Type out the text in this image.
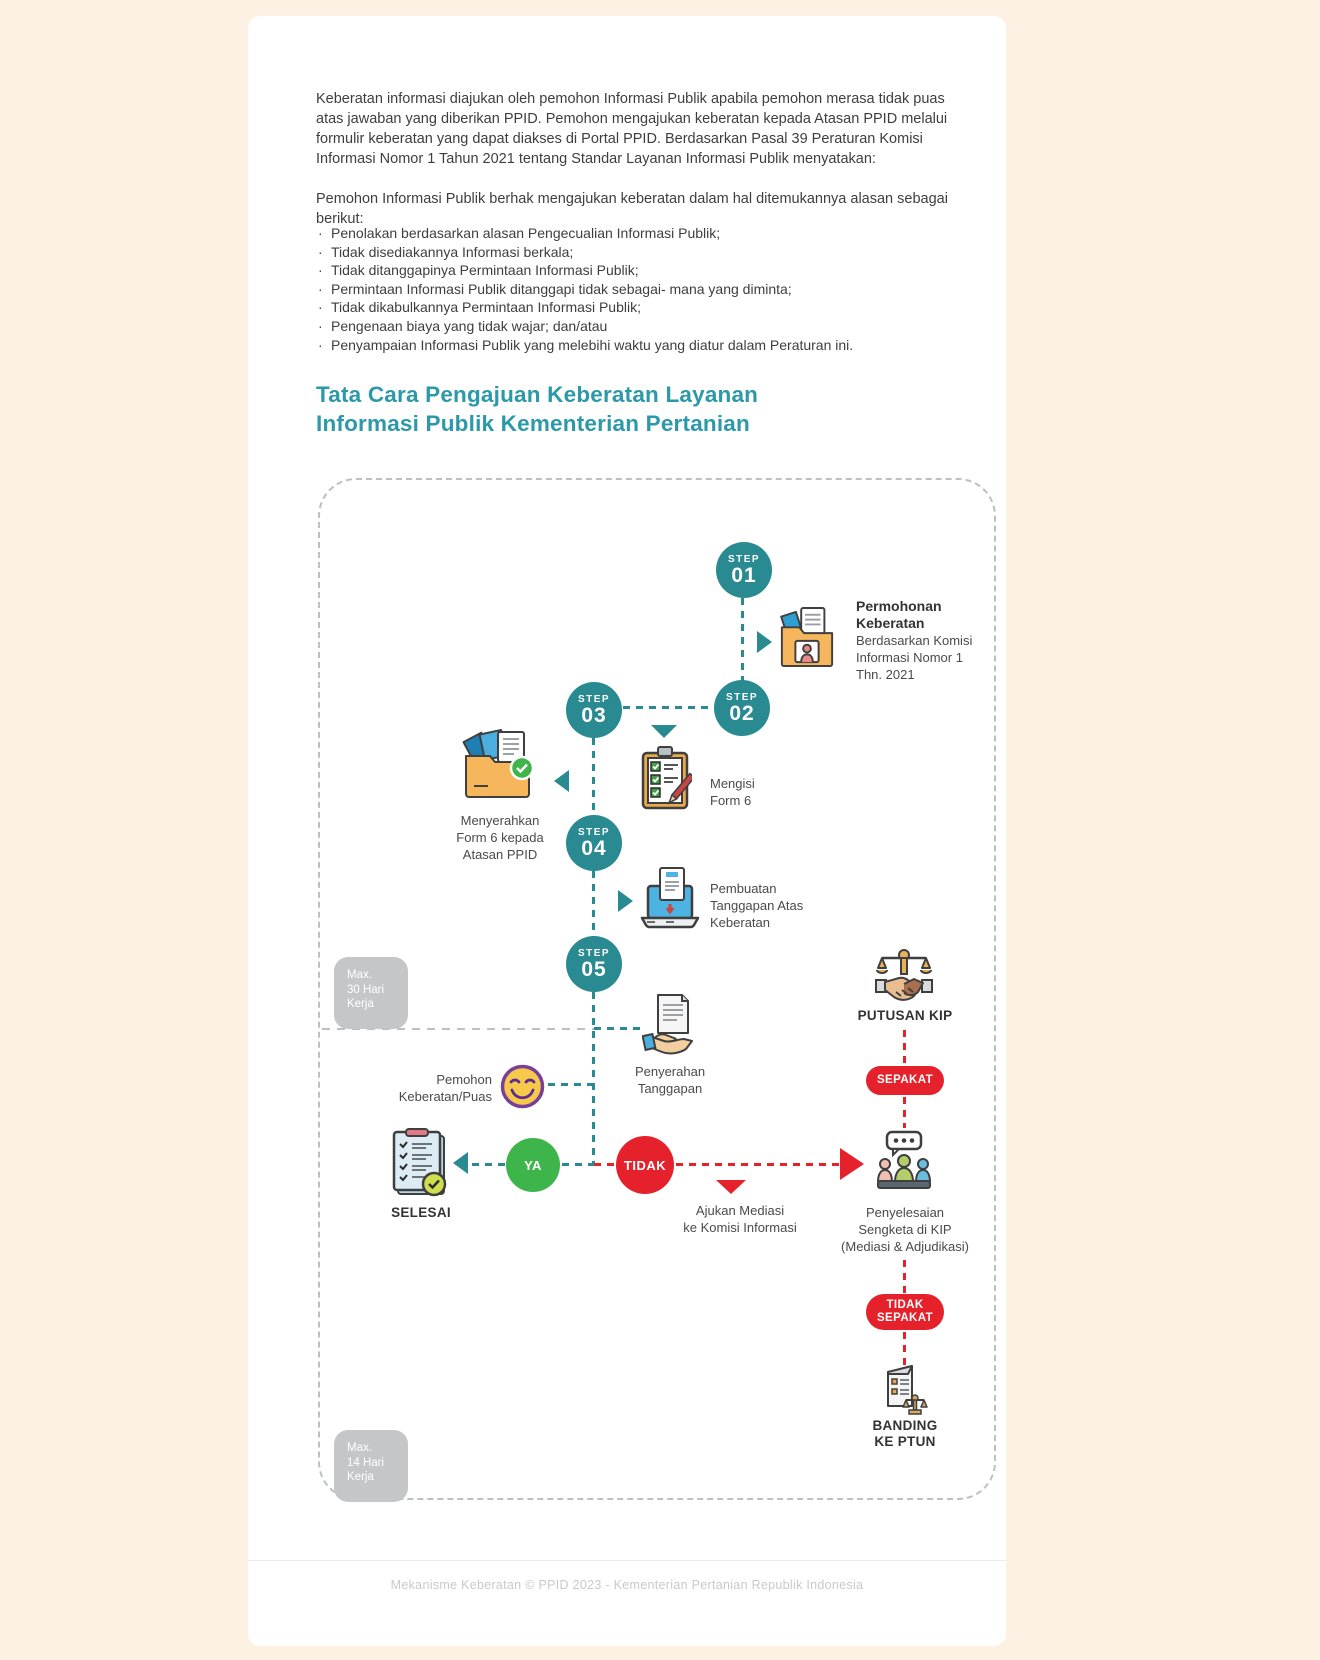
Keberatan informasi diajukan oleh pemohon Informasi Publik apabila pemohon merasa tidak puas atas jawaban yang diberikan PPID. Pemohon mengajukan keberatan kepada Atasan PPID melalui formulir keberatan yang dapat diakses di Portal PPID. Berdasarkan Pasal 39 Peraturan Komisi Informasi Nomor 1 Tahun 2021 tentang Standar Layanan Informasi Publik menyatakan:

Pemohon Informasi Publik berhak mengajukan keberatan dalam hal ditemukannya alasan sebagai berikut:

· Penolakan berdasarkan alasan Pengecualian Informasi Publik;
· Tidak disediakannya Informasi berkala;
· Tidak ditanggapinya Permintaan Informasi Publik;
· Permintaan Informasi Publik ditanggapi tidak sebagai- mana yang diminta;
· Tidak dikabulkannya Permintaan Informasi Publik;
· Pengenaan biaya yang tidak wajar; dan/atau
· Penyampaian Informasi Publik yang melebihi waktu yang diatur dalam Peraturan ini.
Tata Cara Pengajuan Keberatan Layanan
Informasi Publik Kementerian Pertanian
STEP
01
STEP
02
STEP
03
STEP
04
STEP
05
Permohonan
Keberatan
Berdasarkan Komisi
Informasi Nomor 1
Thn. 2021
Mengisi
Form 6
Menyerahkan
Form 6 kepada
Atasan PPID
Pembuatan
Tanggapan Atas
Keberatan
Penyerahan
Tanggapan
Max.
30 Hari
Kerja
Max.
14 Hari
Kerja
Pemohon
Keberatan/Puas
SELESAI
YA	TIDAK
Ajukan Mediasi
ke Komisi Informasi
PUTUSAN KIP
SEPAKAT
Penyelesaian
Sengketa di KIP
(Mediasi & Adjudikasi)
TIDAK
SEPAKAT
BANDING
KE PTUN
Mekanisme Keberatan © PPID 2023 - Kementerian Pertanian Republik Indonesia
